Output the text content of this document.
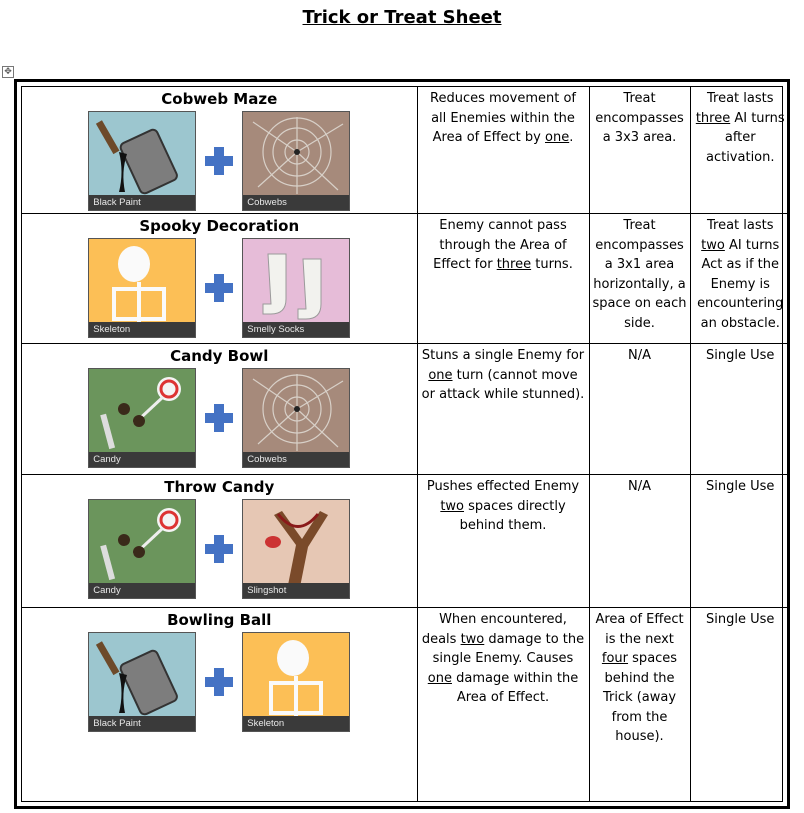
Trick or Treat Sheet
✥
Cobweb Maze
Black Paint Cobwebs	Reduces movement of all Enemies within the Area of Effect by one.	Treat encompasses a 3x3 area.	Treat lasts three AI turns after activation.

Spooky Decoration
Skeleton Smelly Socks	Enemy cannot pass through the Area of Effect for three turns.	Treat encompasses a 3x1 area horizontally, a space on each side.	Treat lasts two AI turns Act as if the Enemy is encountering an obstacle.

Candy Bowl
Candy Cobwebs	Stuns a single Enemy for one turn (cannot move or attack while stunned).	N/A	Single Use

Throw Candy
Candy Slingshot	Pushes effected Enemy two spaces directly behind them.	N/A	Single Use

Bowling Ball
Black Paint Skeleton	When encountered, deals two damage to the single Enemy. Causes one damage within the Area of Effect.	Area of Effect is the next four spaces behind the Trick (away from the house).	Single Use
